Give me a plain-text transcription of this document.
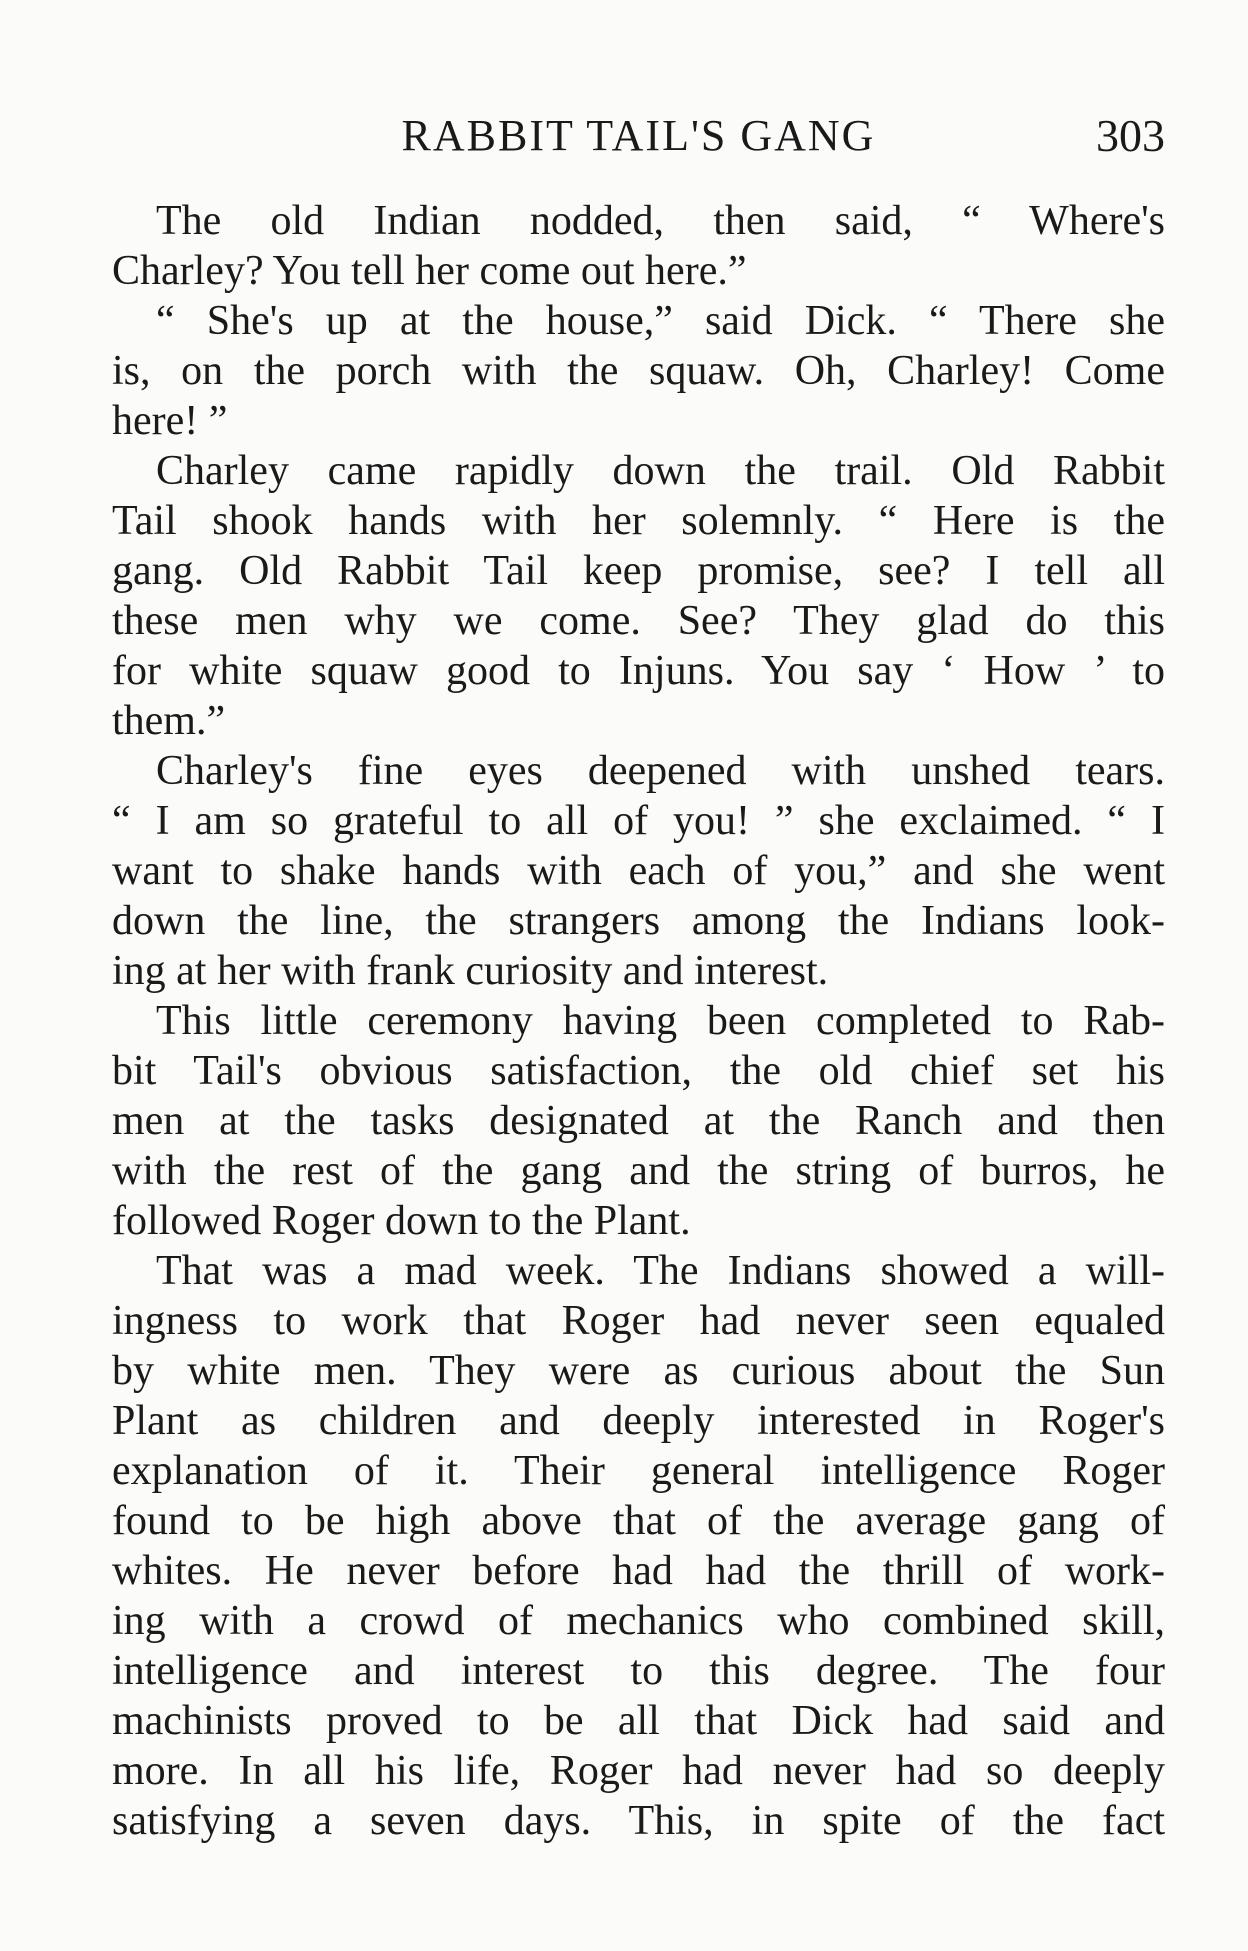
RABBIT TAIL'S GANG	303
The old Indian nodded, then said, “ Where's
Charley? You tell her come out here.”
“ She's up at the house,” said Dick. “ There she
is, on the porch with the squaw. Oh, Charley! Come
here! ”
Charley came rapidly down the trail. Old Rabbit
Tail shook hands with her solemnly. “ Here is the
gang. Old Rabbit Tail keep promise, see? I tell all
these men why we come. See? They glad do this
for white squaw good to Injuns. You say ‘ How ’ to
them.”
Charley's fine eyes deepened with unshed tears.
“ I am so grateful to all of you! ” she exclaimed. “ I
want to shake hands with each of you,” and she went
down the line, the strangers among the Indians look-
ing at her with frank curiosity and interest.
This little ceremony having been completed to Rab-
bit Tail's obvious satisfaction, the old chief set his
men at the tasks designated at the Ranch and then
with the rest of the gang and the string of burros, he
followed Roger down to the Plant.
That was a mad week. The Indians showed a will-
ingness to work that Roger had never seen equaled
by white men. They were as curious about the Sun
Plant as children and deeply interested in Roger's
explanation of it. Their general intelligence Roger
found to be high above that of the average gang of
whites. He never before had had the thrill of work-
ing with a crowd of mechanics who combined skill,
intelligence and interest to this degree. The four
machinists proved to be all that Dick had said and
more. In all his life, Roger had never had so deeply
satisfying a seven days. This, in spite of the fact
